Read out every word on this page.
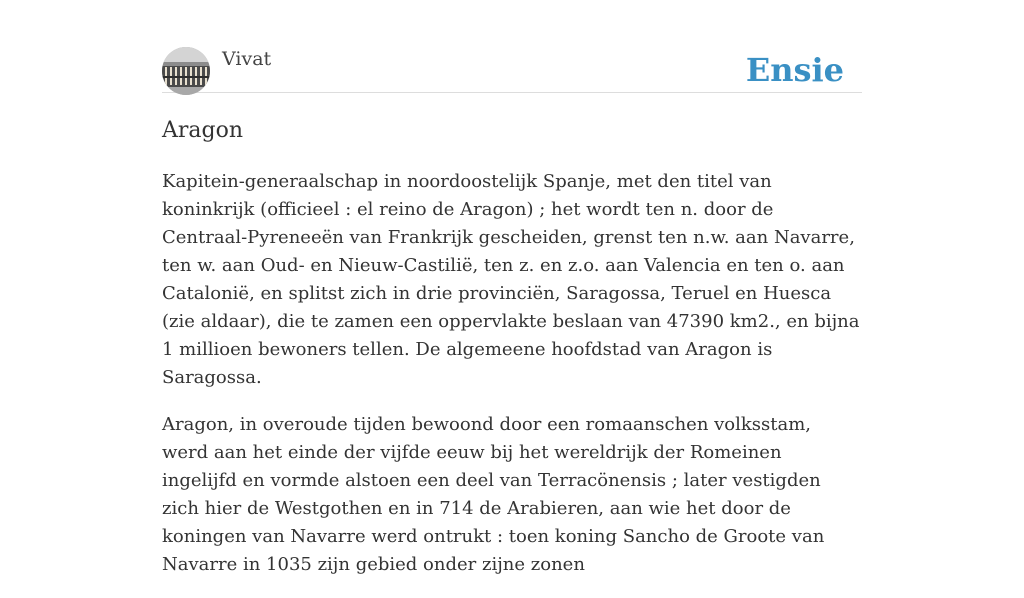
Vivat	Ensie
Aragon

Kapitein-generaalschap in noordoostelijk Spanje, met den titel van koninkrijk (officieel : el reino de Aragon) ; het wordt ten n. door de Centraal-Pyreneeën van Frankrijk gescheiden, grenst ten n.w. aan Navarre, ten w. aan Oud- en Nieuw-Castilië, ten z. en z.o. aan Valencia en ten o. aan Catalonië, en splitst zich in drie provinciën, Saragossa, Teruel en Huesca (zie aldaar), die te zamen een oppervlakte beslaan van 47390 km2., en bijna 1 millioen bewoners tellen. De algemeene hoofdstad van Aragon is Saragossa.

Aragon, in overoude tijden bewoond door een romaanschen volksstam, werd aan het einde der vijfde eeuw bij het wereldrijk der Romeinen ingelijfd en vormde alstoen een deel van Terracönensis ; later vestigden zich hier de Westgothen en in 714 de Arabieren, aan wie het door de koningen van Navarre werd ontrukt : toen koning Sancho de Groote van Navarre in 1035 zijn gebied onder zijne zonen
